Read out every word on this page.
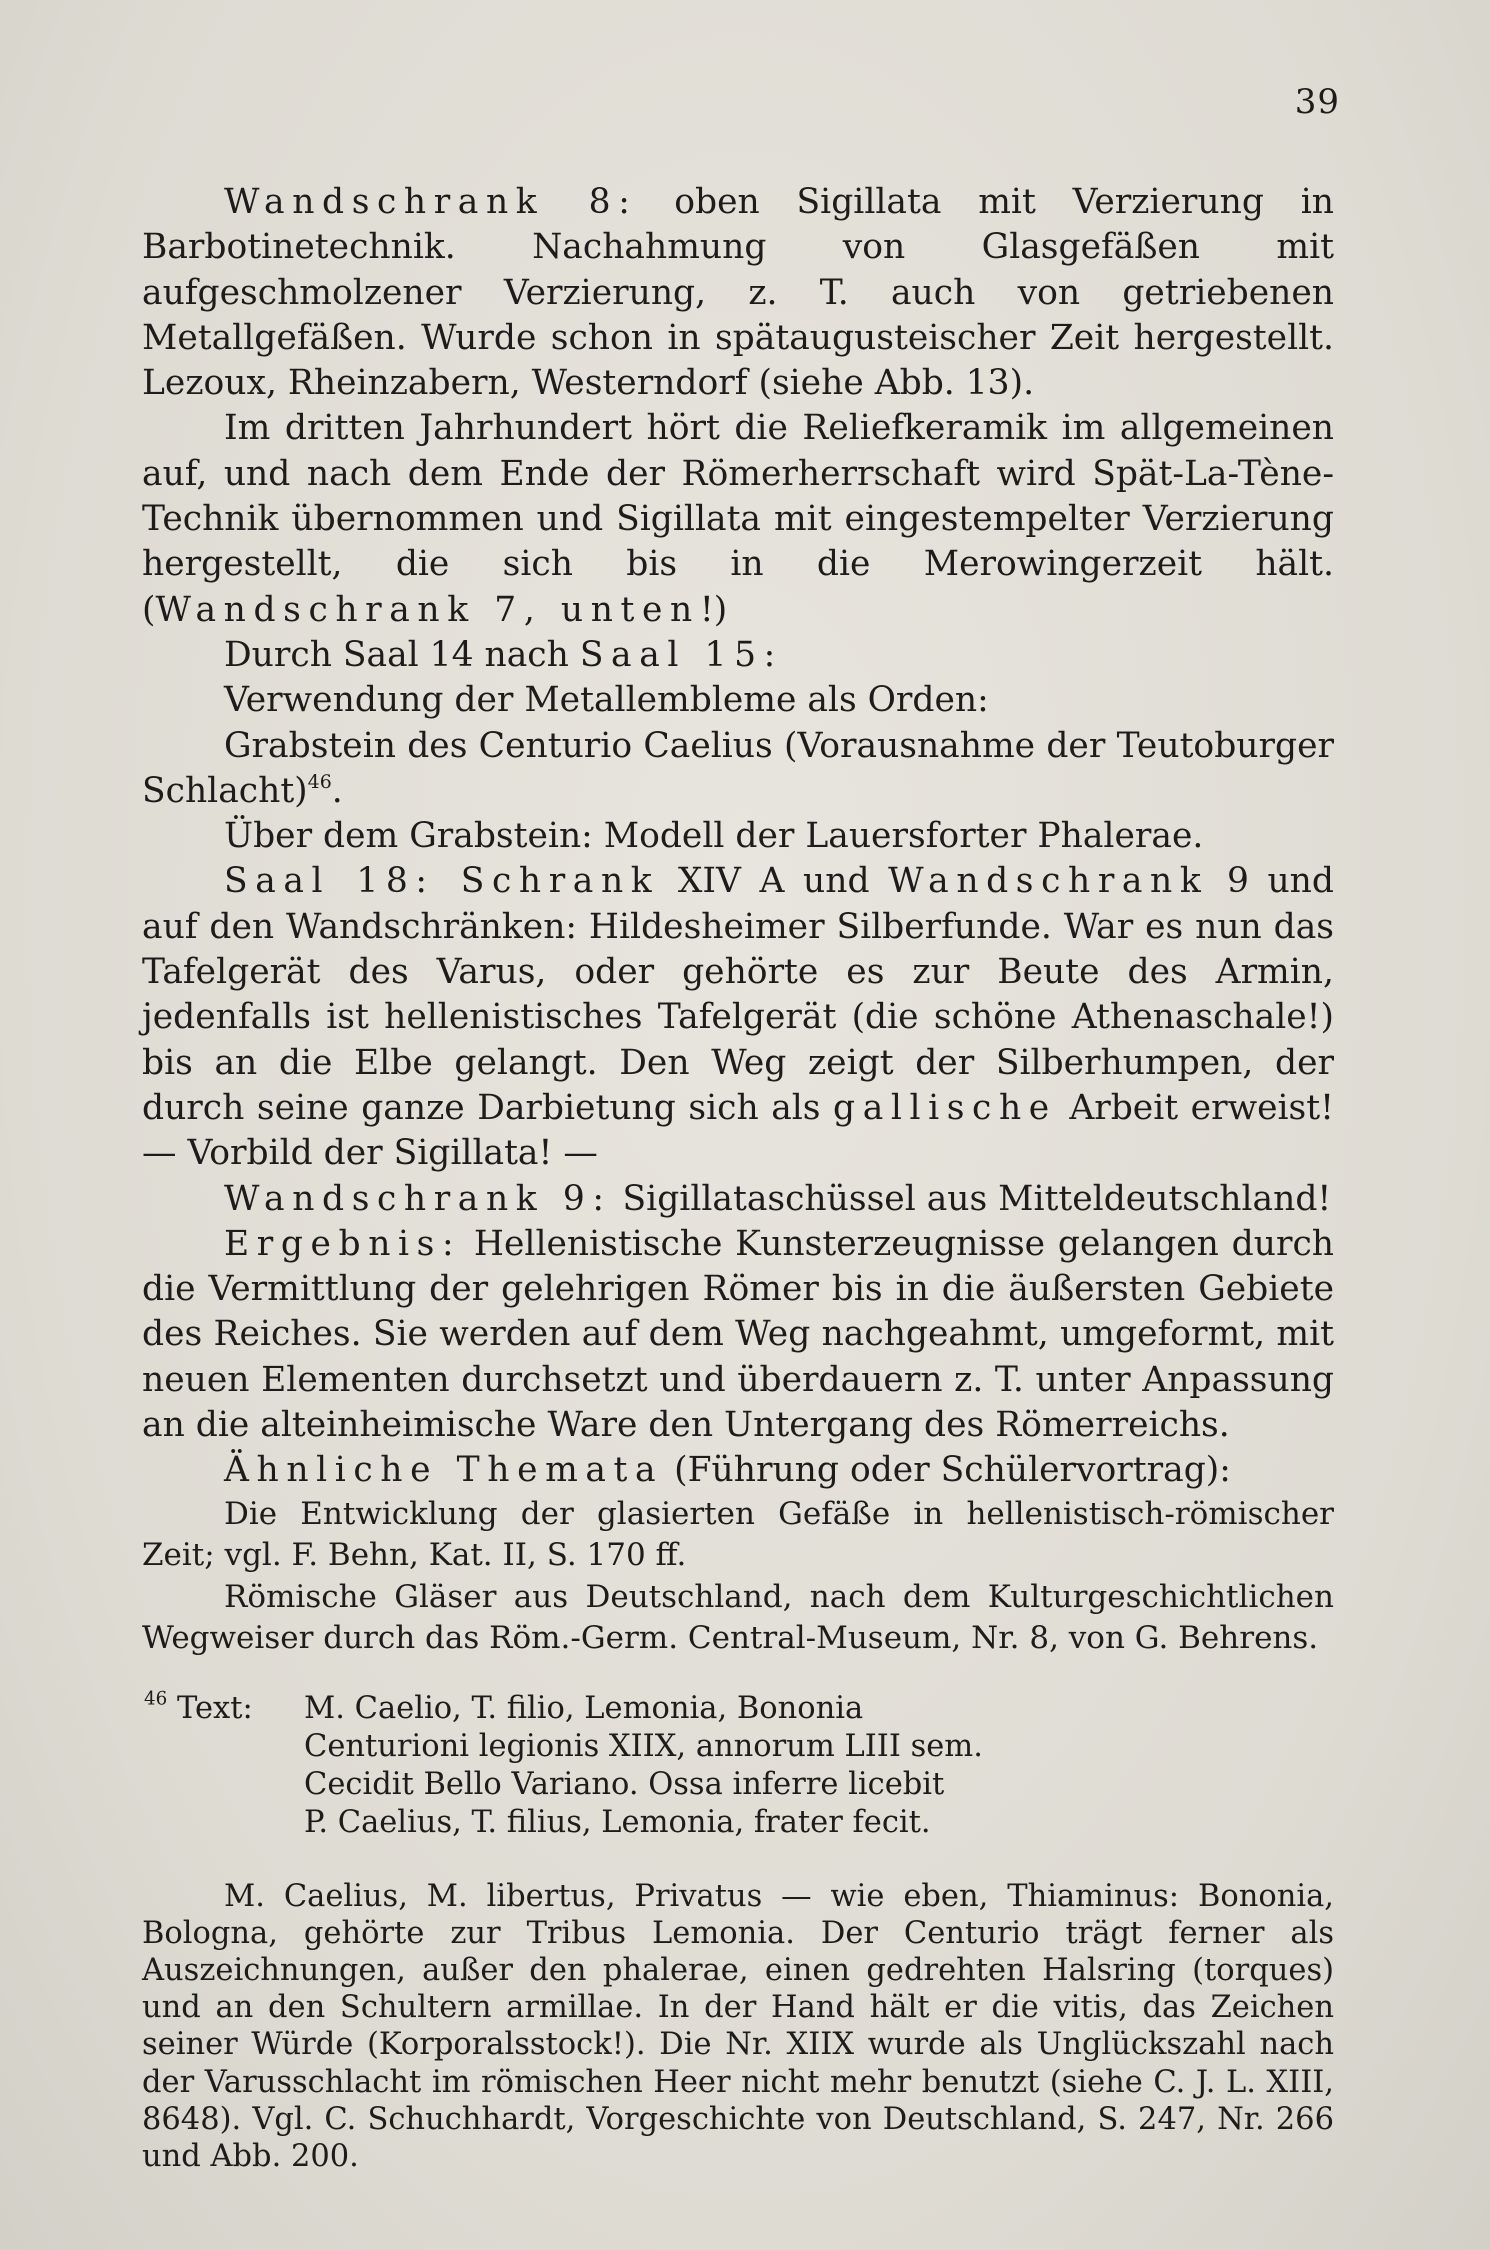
39

Wandschrank 8: oben Sigillata mit Verzierung in Barbotinetechnik. Nachahmung von Glasgefäßen mit aufgeschmolzener Verzierung, z. T. auch von getriebenen Metallgefäßen. Wurde schon in spätaugusteischer Zeit hergestellt. Lezoux, Rheinzabern, Westerndorf (siehe Abb. 13).

Im dritten Jahrhundert hört die Reliefkeramik im allgemeinen auf, und nach dem Ende der Römerherrschaft wird Spät-La-Tène-Technik übernommen und Sigillata mit eingestempelter Verzierung hergestellt, die sich bis in die Merowingerzeit hält. (Wandschrank 7, unten!)

Durch Saal 14 nach Saal 15:

Verwendung der Metallembleme als Orden:

Grabstein des Centurio Caelius (Vorausnahme der Teutoburger Schlacht)$^{46}$.

Über dem Grabstein: Modell der Lauersforter Phalerae.

Saal 18: Schrank XIV A und Wandschrank 9 und auf den Wandschränken: Hildesheimer Silberfunde. War es nun das Tafelgerät des Varus, oder gehörte es zur Beute des Armin, jedenfalls ist hellenistisches Tafelgerät (die schöne Athenaschale!) bis an die Elbe gelangt. Den Weg zeigt der Silberhumpen, der durch seine ganze Darbietung sich als gallische Arbeit erweist! — Vorbild der Sigillata! —

Wandschrank 9: Sigillataschüssel aus Mitteldeutschland!

Ergebnis: Hellenistische Kunsterzeugnisse gelangen durch die Vermittlung der gelehrigen Römer bis in die äußersten Gebiete des Reiches. Sie werden auf dem Weg nachgeahmt, umgeformt, mit neuen Elementen durchsetzt und überdauern z. T. unter Anpassung an die alteinheimische Ware den Untergang des Römerreichs.

Ähnliche Themata (Führung oder Schülervortrag):

Die Entwicklung der glasierten Gefäße in hellenistisch-römischer Zeit; vgl. F. Behn, Kat. II, S. 170 ff.

Römische Gläser aus Deutschland, nach dem Kulturgeschichtlichen Wegweiser durch das Röm.-Germ. Central-Museum, Nr. 8, von G. Behrens.

$^{46}$ Text:	M. Caelio, T. filio, Lemonia, Bononia
Centurioni legionis XIIX, annorum LIII sem.
Cecidit Bello Variano. Ossa inferre licebit
P. Caelius, T. filius, Lemonia, frater fecit.

M. Caelius, M. libertus, Privatus — wie eben, Thiaminus: Bononia, Bologna, gehörte zur Tribus Lemonia. Der Centurio trägt ferner als Auszeichnungen, außer den phalerae, einen gedrehten Halsring (torques) und an den Schultern armillae. In der Hand hält er die vitis, das Zeichen seiner Würde (Korporalsstock!). Die Nr. XIIX wurde als Unglückszahl nach der Varusschlacht im römischen Heer nicht mehr benutzt (siehe C. J. L. XIII, 8648). Vgl. C. Schuchhardt, Vorgeschichte von Deutschland, S. 247, Nr. 266 und Abb. 200.
